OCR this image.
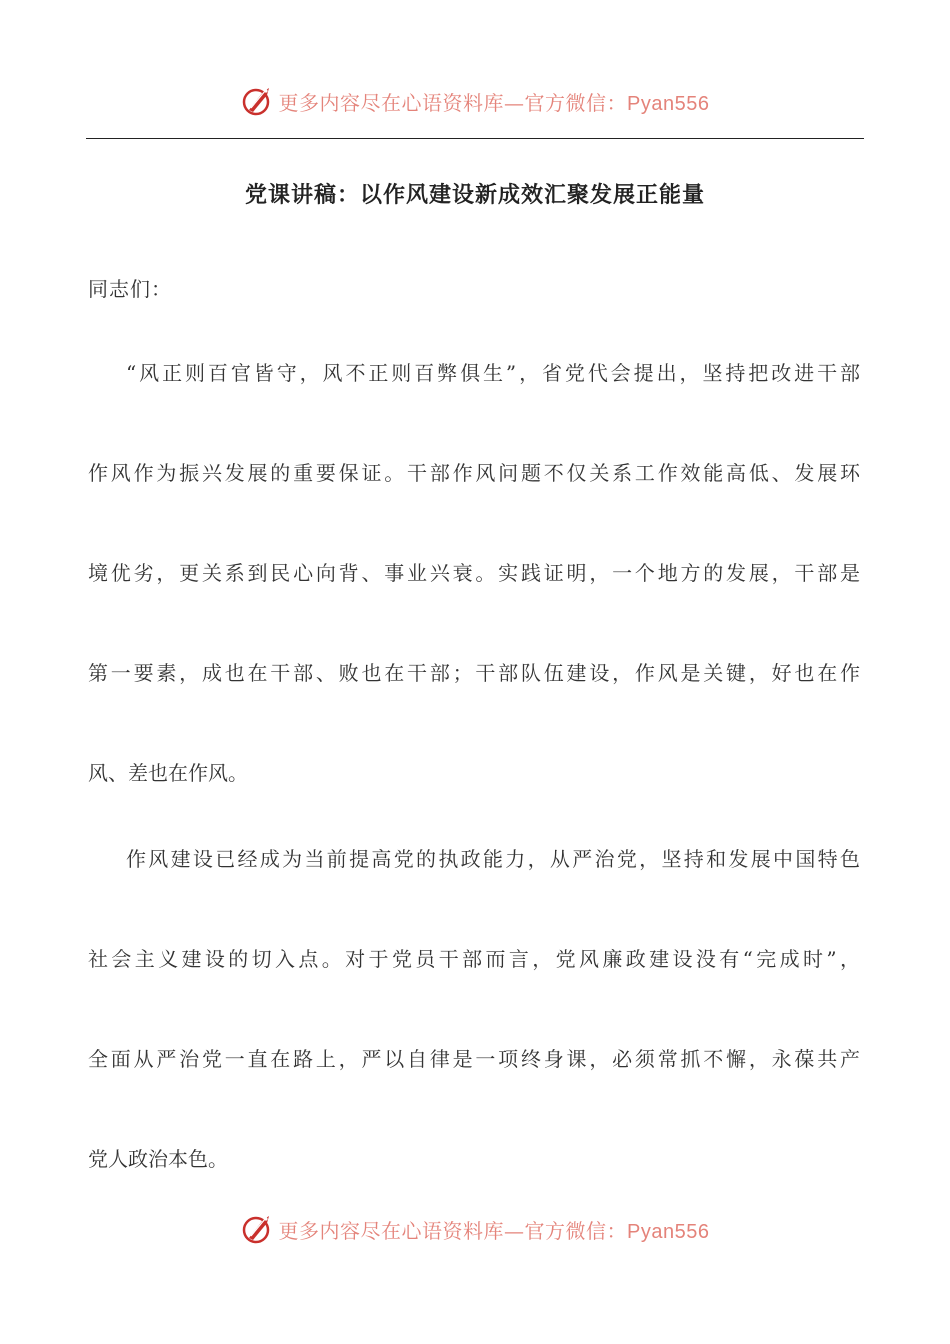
更多内容尽在心语资料库—官方微信：Pyan556
党课讲稿：以作风建设新成效汇聚发展正能量

同志们：

“风正则百官皆守，风不正则百弊俱生”，省党代会提出，坚持把改进干部
作风作为振兴发展的重要保证。干部作风问题不仅关系工作效能高低、发展环
境优劣，更关系到民心向背、事业兴衰。实践证明，一个地方的发展，干部是
第一要素，成也在干部、败也在干部；干部队伍建设，作风是关键，好也在作
风、差也在作风。
作风建设已经成为当前提高党的执政能力，从严治党，坚持和发展中国特色
社会主义建设的切入点。对于党员干部而言，党风廉政建设没有“完成时”，
全面从严治党一直在路上，严以自律是一项终身课，必须常抓不懈，永葆共产
党人政治本色。
更多内容尽在心语资料库—官方微信：Pyan556
